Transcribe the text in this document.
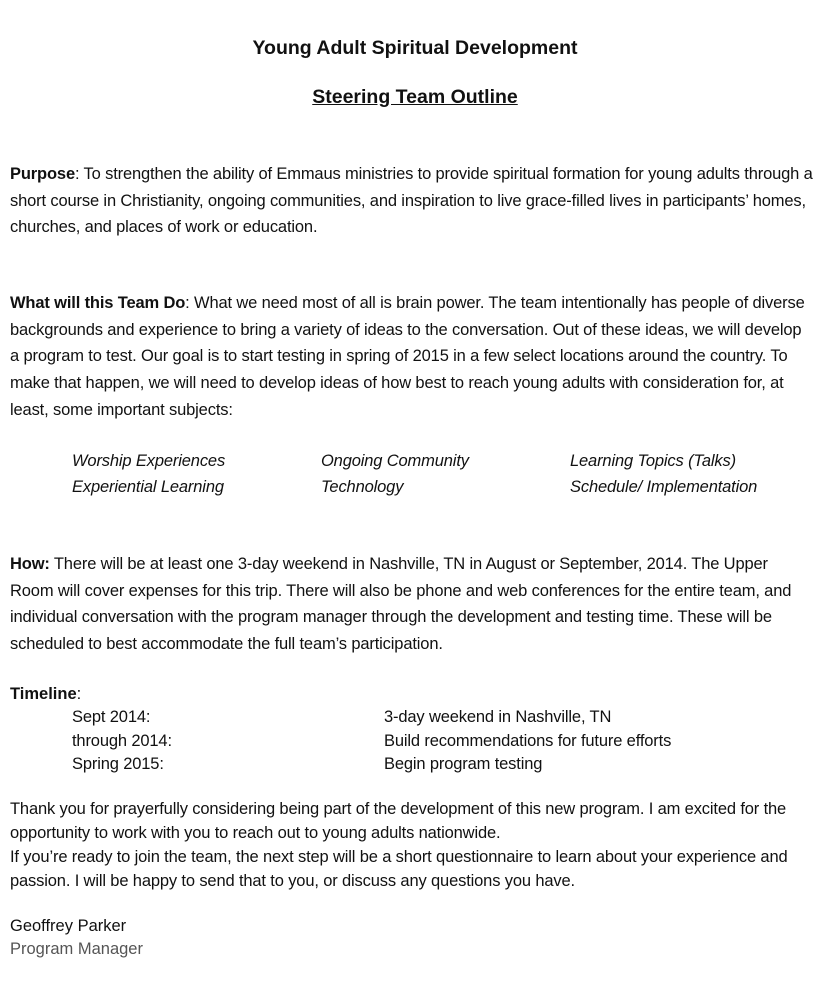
Young Adult Spiritual Development
Steering Team Outline
Purpose: To strengthen the ability of Emmaus ministries to provide spiritual formation for young adults through a short course in Christianity, ongoing communities, and inspiration to live grace-filled lives in participants’ homes, churches, and places of work or education.
What will this Team Do: What we need most of all is brain power. The team intentionally has people of diverse backgrounds and experience to bring a variety of ideas to the conversation. Out of these ideas, we will develop a program to test. Our goal is to start testing in spring of 2015 in a few select locations around the country. To make that happen, we will need to develop ideas of how best to reach young adults with consideration for, at least, some important subjects:
Worship Experiences	Ongoing Community	Learning Topics (Talks)
Experiential Learning	Technology	Schedule/ Implementation
How: There will be at least one 3-day weekend in Nashville, TN in August or September, 2014. The Upper Room will cover expenses for this trip. There will also be phone and web conferences for the entire team, and individual conversation with the program manager through the development and testing time. These will be scheduled to best accommodate the full team’s participation.
Timeline:
Sept 2014:	3-day weekend in Nashville, TN
through 2014:	Build recommendations for future efforts
Spring 2015:	Begin program testing
Thank you for prayerfully considering being part of the development of this new program. I am excited for the opportunity to work with you to reach out to young adults nationwide.
If you’re ready to join the team, the next step will be a short questionnaire to learn about your experience and passion. I will be happy to send that to you, or discuss any questions you have.
Geoffrey Parker
Program Manager
